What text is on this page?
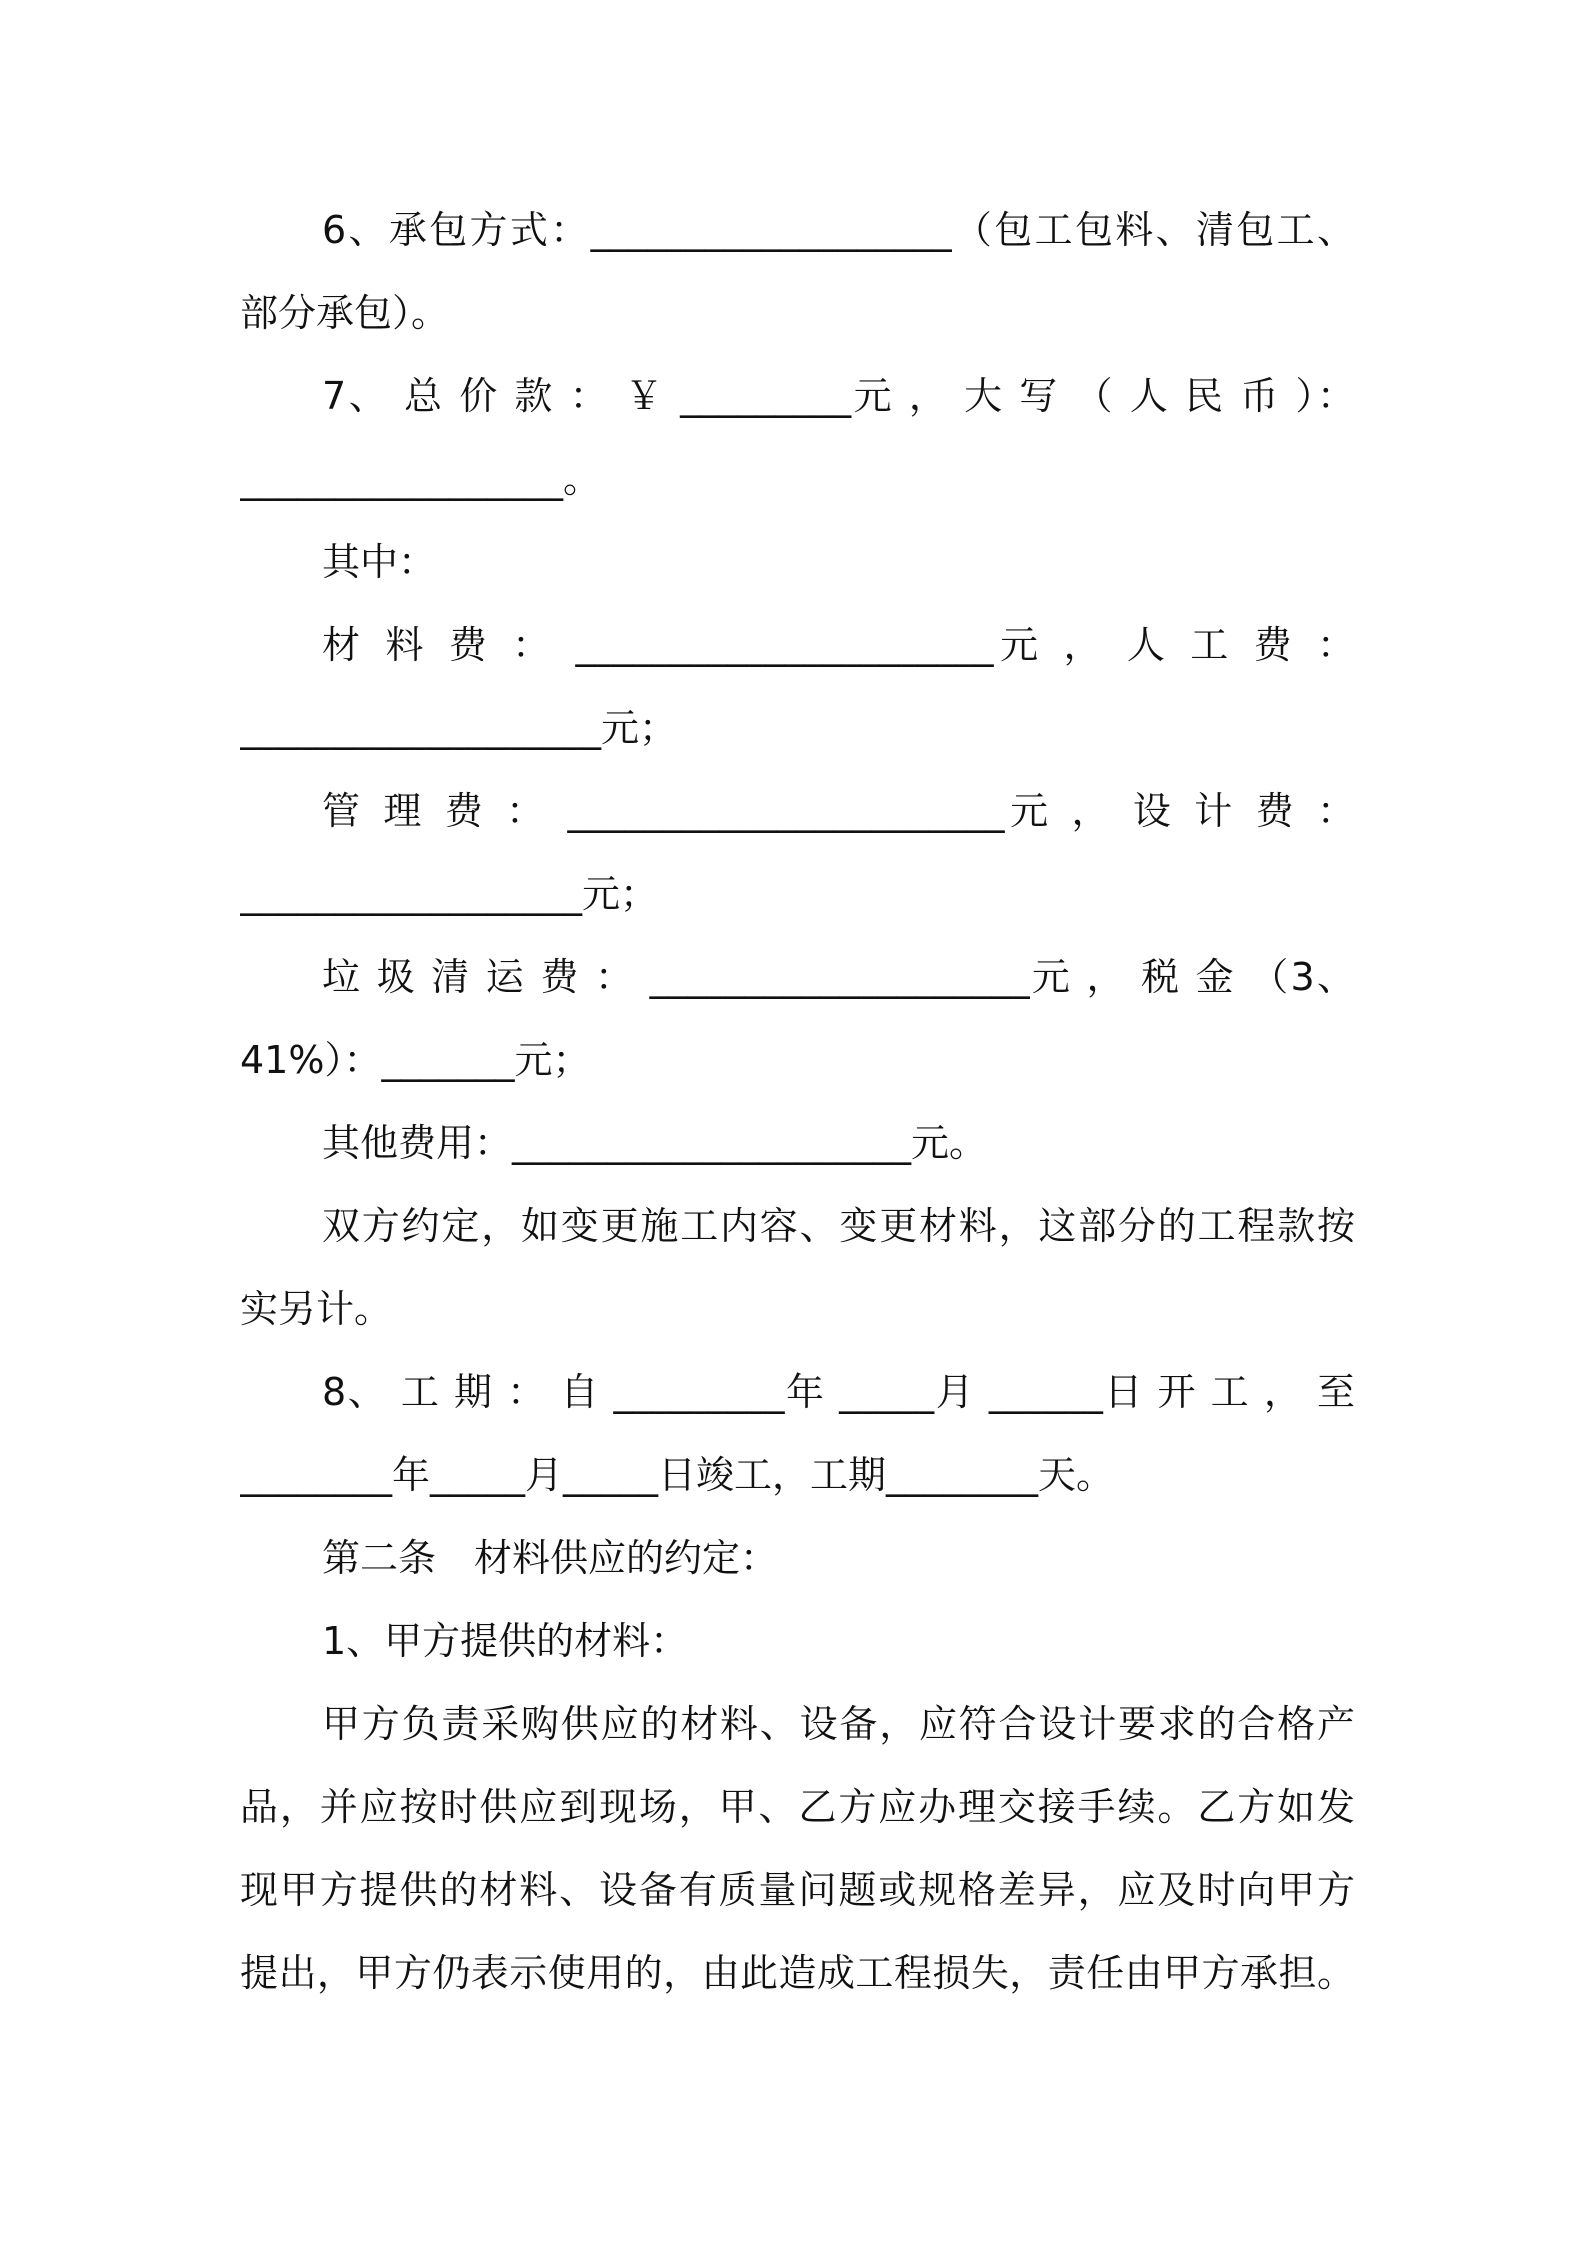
6、承包方式：___________________（包工包料、清包工、
部分承包）。
7、 总 价 款 ： ￥ _________元 ， 大 写 （ 人 民 币 ）：
_________________。
其中：
材 料 费 ： ______________________元 ， 人 工 费 ：
___________________元；
管 理 费 ： _______________________元 ， 设 计 费 ：
__________________元；
垃 圾 清 运 费 ： ____________________元 ， 税 金 （3、
41%）：_______元；
其他费用：_____________________元。
双方约定，如变更施工内容、变更材料，这部分的工程款按
实另计。
8、 工 期 ： 自 _________年 _____月 ______日 开 工 ， 至
________年_____月_____日竣工，工期________天。
第二条　材料供应的约定：
1、甲方提供的材料：
甲方负责采购供应的材料、设备，应符合设计要求的合格产
品，并应按时供应到现场，甲、乙方应办理交接手续。乙方如发
现甲方提供的材料、设备有质量问题或规格差异，应及时向甲方
提出，甲方仍表示使用的，由此造成工程损失，责任由甲方承担。
